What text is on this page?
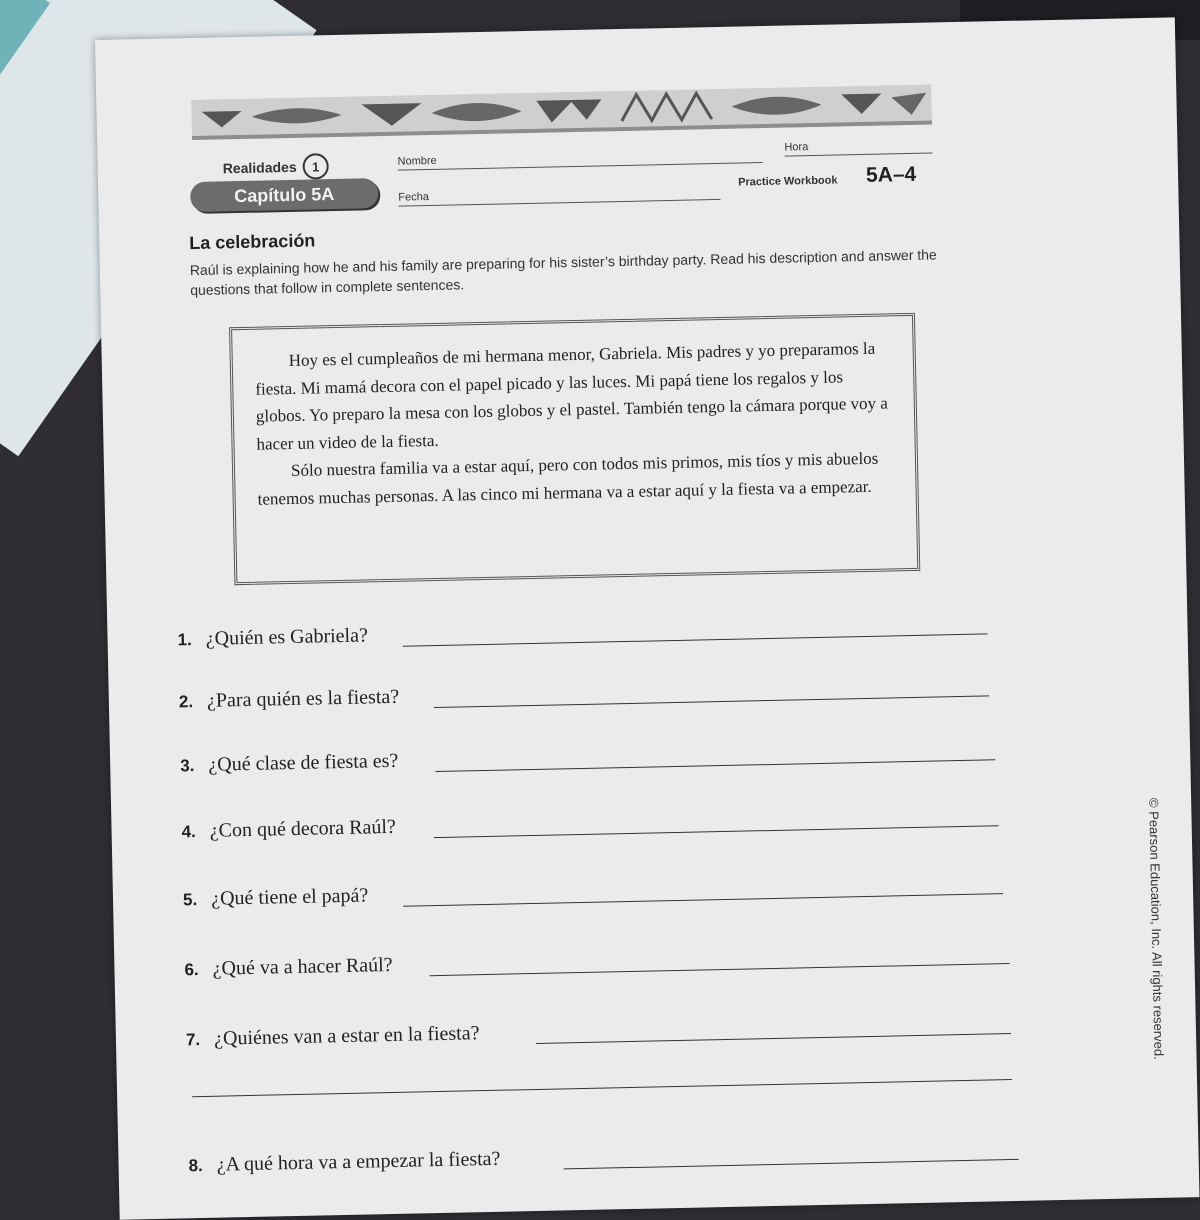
Realidades	1	Nombre
Hora
Capítulo 5A	Fecha
Practice Workbook 5A–4
La celebración
Raúl is explaining how he and his family are preparing for his sister’s birthday party. Read his description and answer the questions that follow in complete sentences.

Hoy es el cumpleaños de mi hermana menor, Gabriela. Mis padres y yo preparamos la fiesta. Mi mamá decora con el papel picado y las luces. Mi papá tiene los regalos y los globos. Yo preparo la mesa con los globos y el pastel. También tengo la cámara porque voy a hacer un video de la fiesta.

Sólo nuestra familia va a estar aquí, pero con todos mis primos, mis tíos y mis abuelos tenemos muchas personas. A las cinco mi hermana va a estar aquí y la fiesta va a empezar.

1. ¿Quién es Gabriela?
2. ¿Para quién es la fiesta?
3. ¿Qué clase de fiesta es?
4. ¿Con qué decora Raúl?
5. ¿Qué tiene el papá?
6. ¿Qué va a hacer Raúl?
7. ¿Quiénes van a estar en la fiesta?
8. ¿A qué hora va a empezar la fiesta?
© Pearson Education, Inc. All rights reserved.
